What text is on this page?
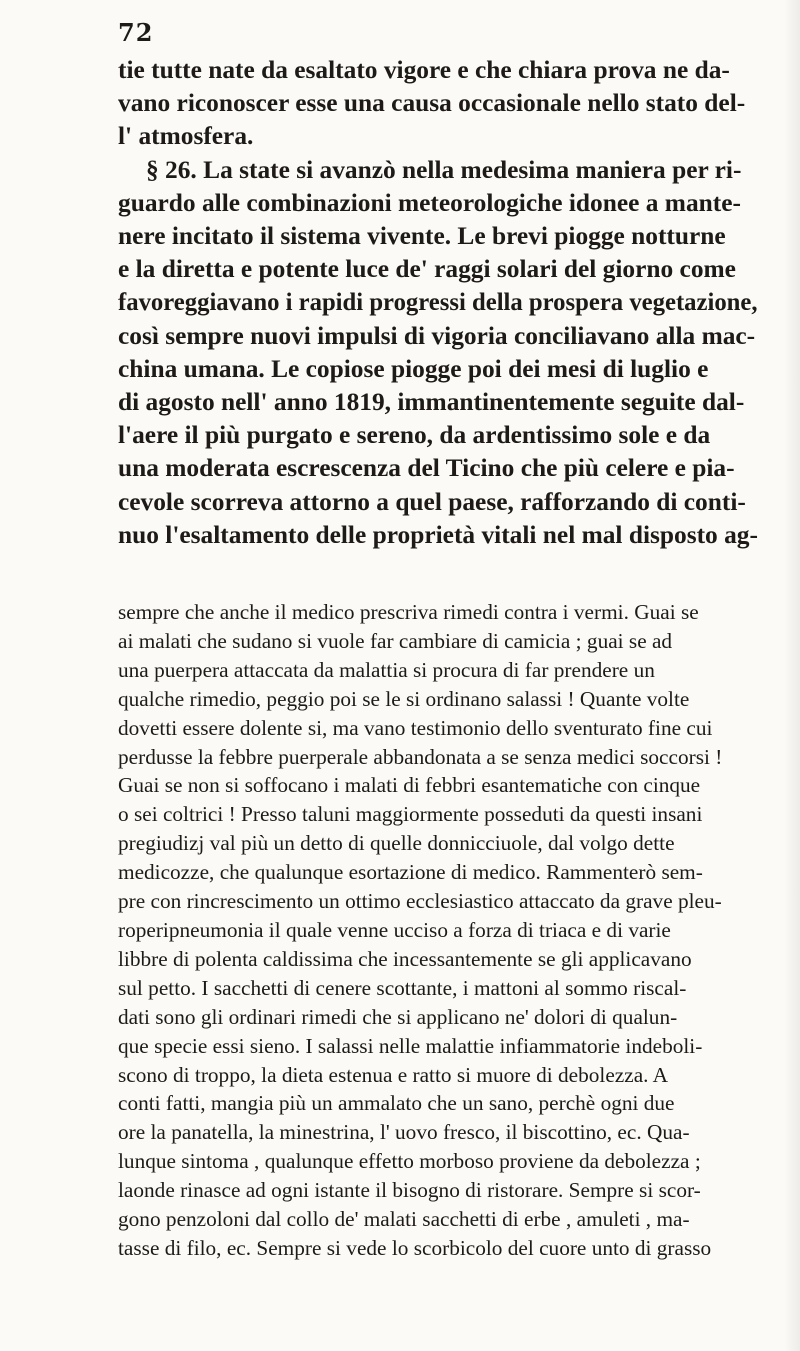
72
tie tutte nate da esaltato vigore e che chiara prova ne da-
vano riconoscer esse una causa occasionale nello stato del-
l' atmosfera.
§ 26. La state si avanzò nella medesima maniera per ri-
guardo alle combinazioni meteorologiche idonee a mante-
nere incitato il sistema vivente. Le brevi piogge notturne
e la diretta e potente luce de' raggi solari del giorno come
favoreggiavano i rapidi progressi della prospera vegetazione,
così sempre nuovi impulsi di vigoria conciliavano alla mac-
china umana. Le copiose piogge poi dei mesi di luglio e
di agosto nell' anno 1819, immantinentemente seguite dal-
l'aere il più purgato e sereno, da ardentissimo sole e da
una moderata escrescenza del Ticino che più celere e pia-
cevole scorreva attorno a quel paese, rafforzando di conti-
nuo l'esaltamento delle proprietà vitali nel mal disposto ag-
sempre che anche il medico prescriva rimedi contra i vermi. Guai se
ai malati che sudano si vuole far cambiare di camicia ; guai se ad
una puerpera attaccata da malattia si procura di far prendere un
qualche rimedio, peggio poi se le si ordinano salassi ! Quante volte
dovetti essere dolente si, ma vano testimonio dello sventurato fine cui
perdusse la febbre puerperale abbandonata a se senza medici soccorsi !
Guai se non si soffocano i malati di febbri esantematiche con cinque
o sei coltrici ! Presso taluni maggiormente posseduti da questi insani
pregiudizj val più un detto di quelle donnicciuole, dal volgo dette
medicozze, che qualunque esortazione di medico. Rammenterò sem-
pre con rincrescimento un ottimo ecclesiastico attaccato da grave pleu-
roperipneumonia il quale venne ucciso a forza di triaca e di varie
libbre di polenta caldissima che incessantemente se gli applicavano
sul petto. I sacchetti di cenere scottante, i mattoni al sommo riscal-
dati sono gli ordinari rimedi che si applicano ne' dolori di qualun-
que specie essi sieno. I salassi nelle malattie infiammatorie indeboli-
scono di troppo, la dieta estenua e ratto si muore di debolezza. A
conti fatti, mangia più un ammalato che un sano, perchè ogni due
ore la panatella, la minestrina, l' uovo fresco, il biscottino, ec. Qua-
lunque sintoma , qualunque effetto morboso proviene da debolezza ;
laonde rinasce ad ogni istante il bisogno di ristorare. Sempre si scor-
gono penzoloni dal collo de' malati sacchetti di erbe , amuleti , ma-
tasse di filo, ec. Sempre si vede lo scorbicolo del cuore unto di grasso
